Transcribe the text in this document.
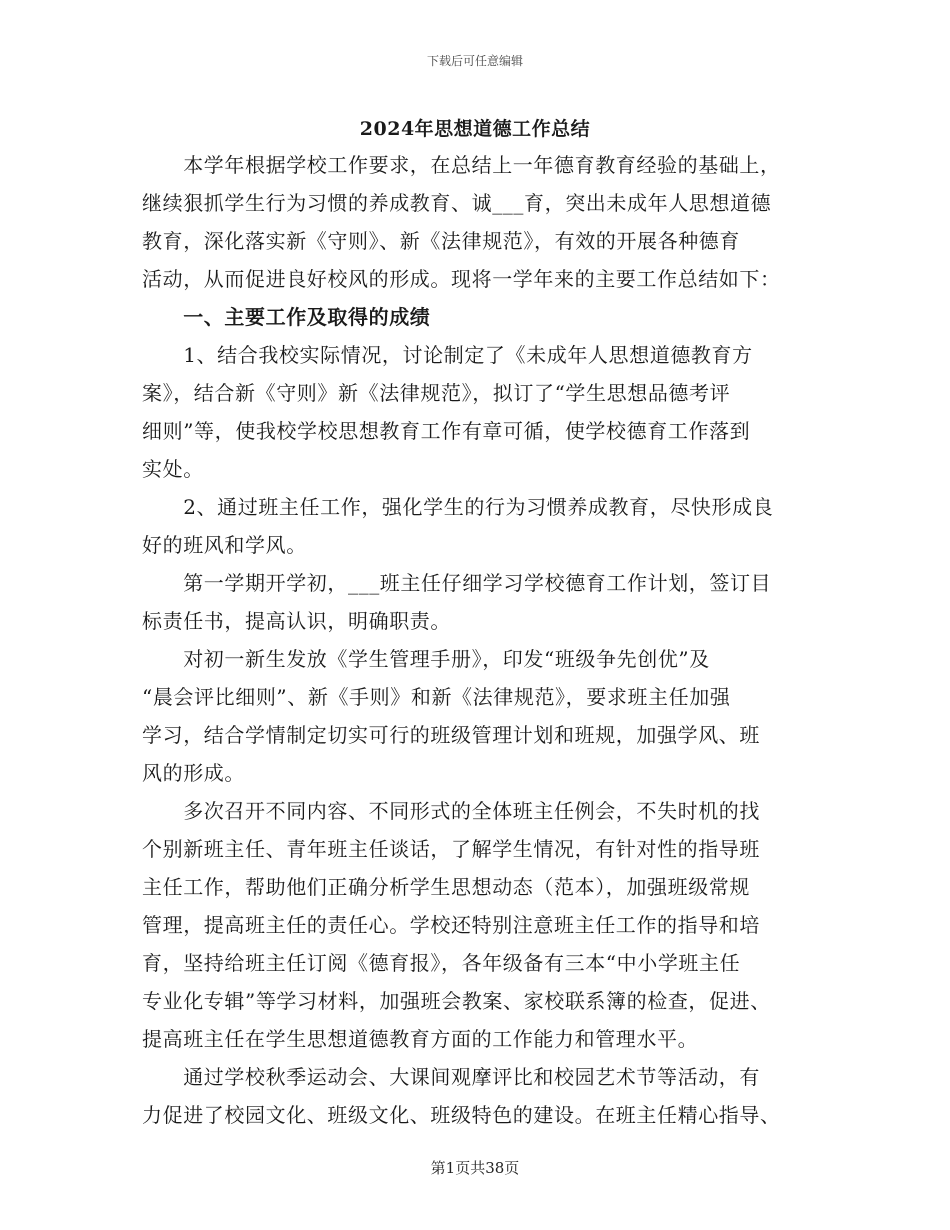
下载后可任意编辑
2024年思想道德工作总结
　　本学年根据学校工作要求，在总结上一年德育教育经验的基础上，
继续狠抓学生行为习惯的养成教育、诚___育，突出未成年人思想道德
教育，深化落实新《守则》、新《法律规范》，有效的开展各种德育
活动，从而促进良好校风的形成。现将一学年来的主要工作总结如下：
　　一、主要工作及取得的成绩
　　1、结合我校实际情况，讨论制定了《未成年人思想道德教育方
案》，结合新《守则》新《法律规范》，拟订了“学生思想品德考评
细则”等，使我校学校思想教育工作有章可循，使学校德育工作落到
实处。
　　2、通过班主任工作，强化学生的行为习惯养成教育，尽快形成良
好的班风和学风。
　　第一学期开学初，___班主任仔细学习学校德育工作计划，签订目
标责任书，提高认识，明确职责。
　　对初一新生发放《学生管理手册》，印发“班级争先创优”及
“晨会评比细则”、新《手则》和新《法律规范》，要求班主任加强
学习，结合学情制定切实可行的班级管理计划和班规，加强学风、班
风的形成。
　　多次召开不同内容、不同形式的全体班主任例会，不失时机的找
个别新班主任、青年班主任谈话，了解学生情况，有针对性的指导班
主任工作，帮助他们正确分析学生思想动态（范本），加强班级常规
管理，提高班主任的责任心。学校还特别注意班主任工作的指导和培
育，坚持给班主任订阅《德育报》，各年级备有三本“中小学班主任
专业化专辑”等学习材料，加强班会教案、家校联系簿的检查，促进、
提高班主任在学生思想道德教育方面的工作能力和管理水平。
　　通过学校秋季运动会、大课间观摩评比和校园艺术节等活动，有
力促进了校园文化、班级文化、班级特色的建设。在班主任精心指导、
第1页共38页
